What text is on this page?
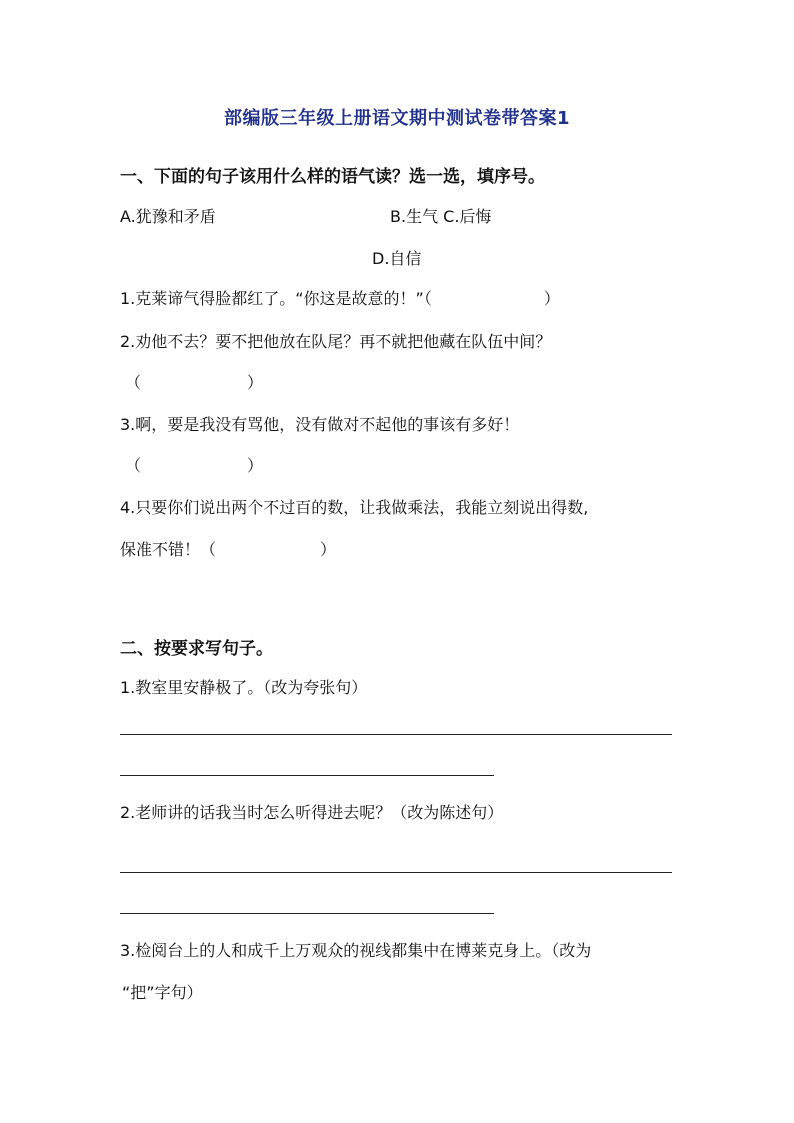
部编版三年级上册语文期中测试卷带答案1
一、下面的句子该用什么样的语气读？选一选，填序号。
A.犹豫和矛盾	B.生气 C.后悔
D.自信
1.克莱谛气得脸都红了。“你这是故意的！”（	）
2.劝他不去？要不把他放在队尾？再不就把他藏在队伍中间？
（	）
3.啊，要是我没有骂他，没有做对不起他的事该有多好！
（	）
4.只要你们说出两个不过百的数，让我做乘法，我能立刻说出得数,
保准不错！（	）
二、按要求写句子。
1.教室里安静极了。（改为夸张句）
2.老师讲的话我当时怎么听得进去呢？（改为陈述句）
3.检阅台上的人和成千上万观众的视线都集中在博莱克身上。（改为
“把”字句）
